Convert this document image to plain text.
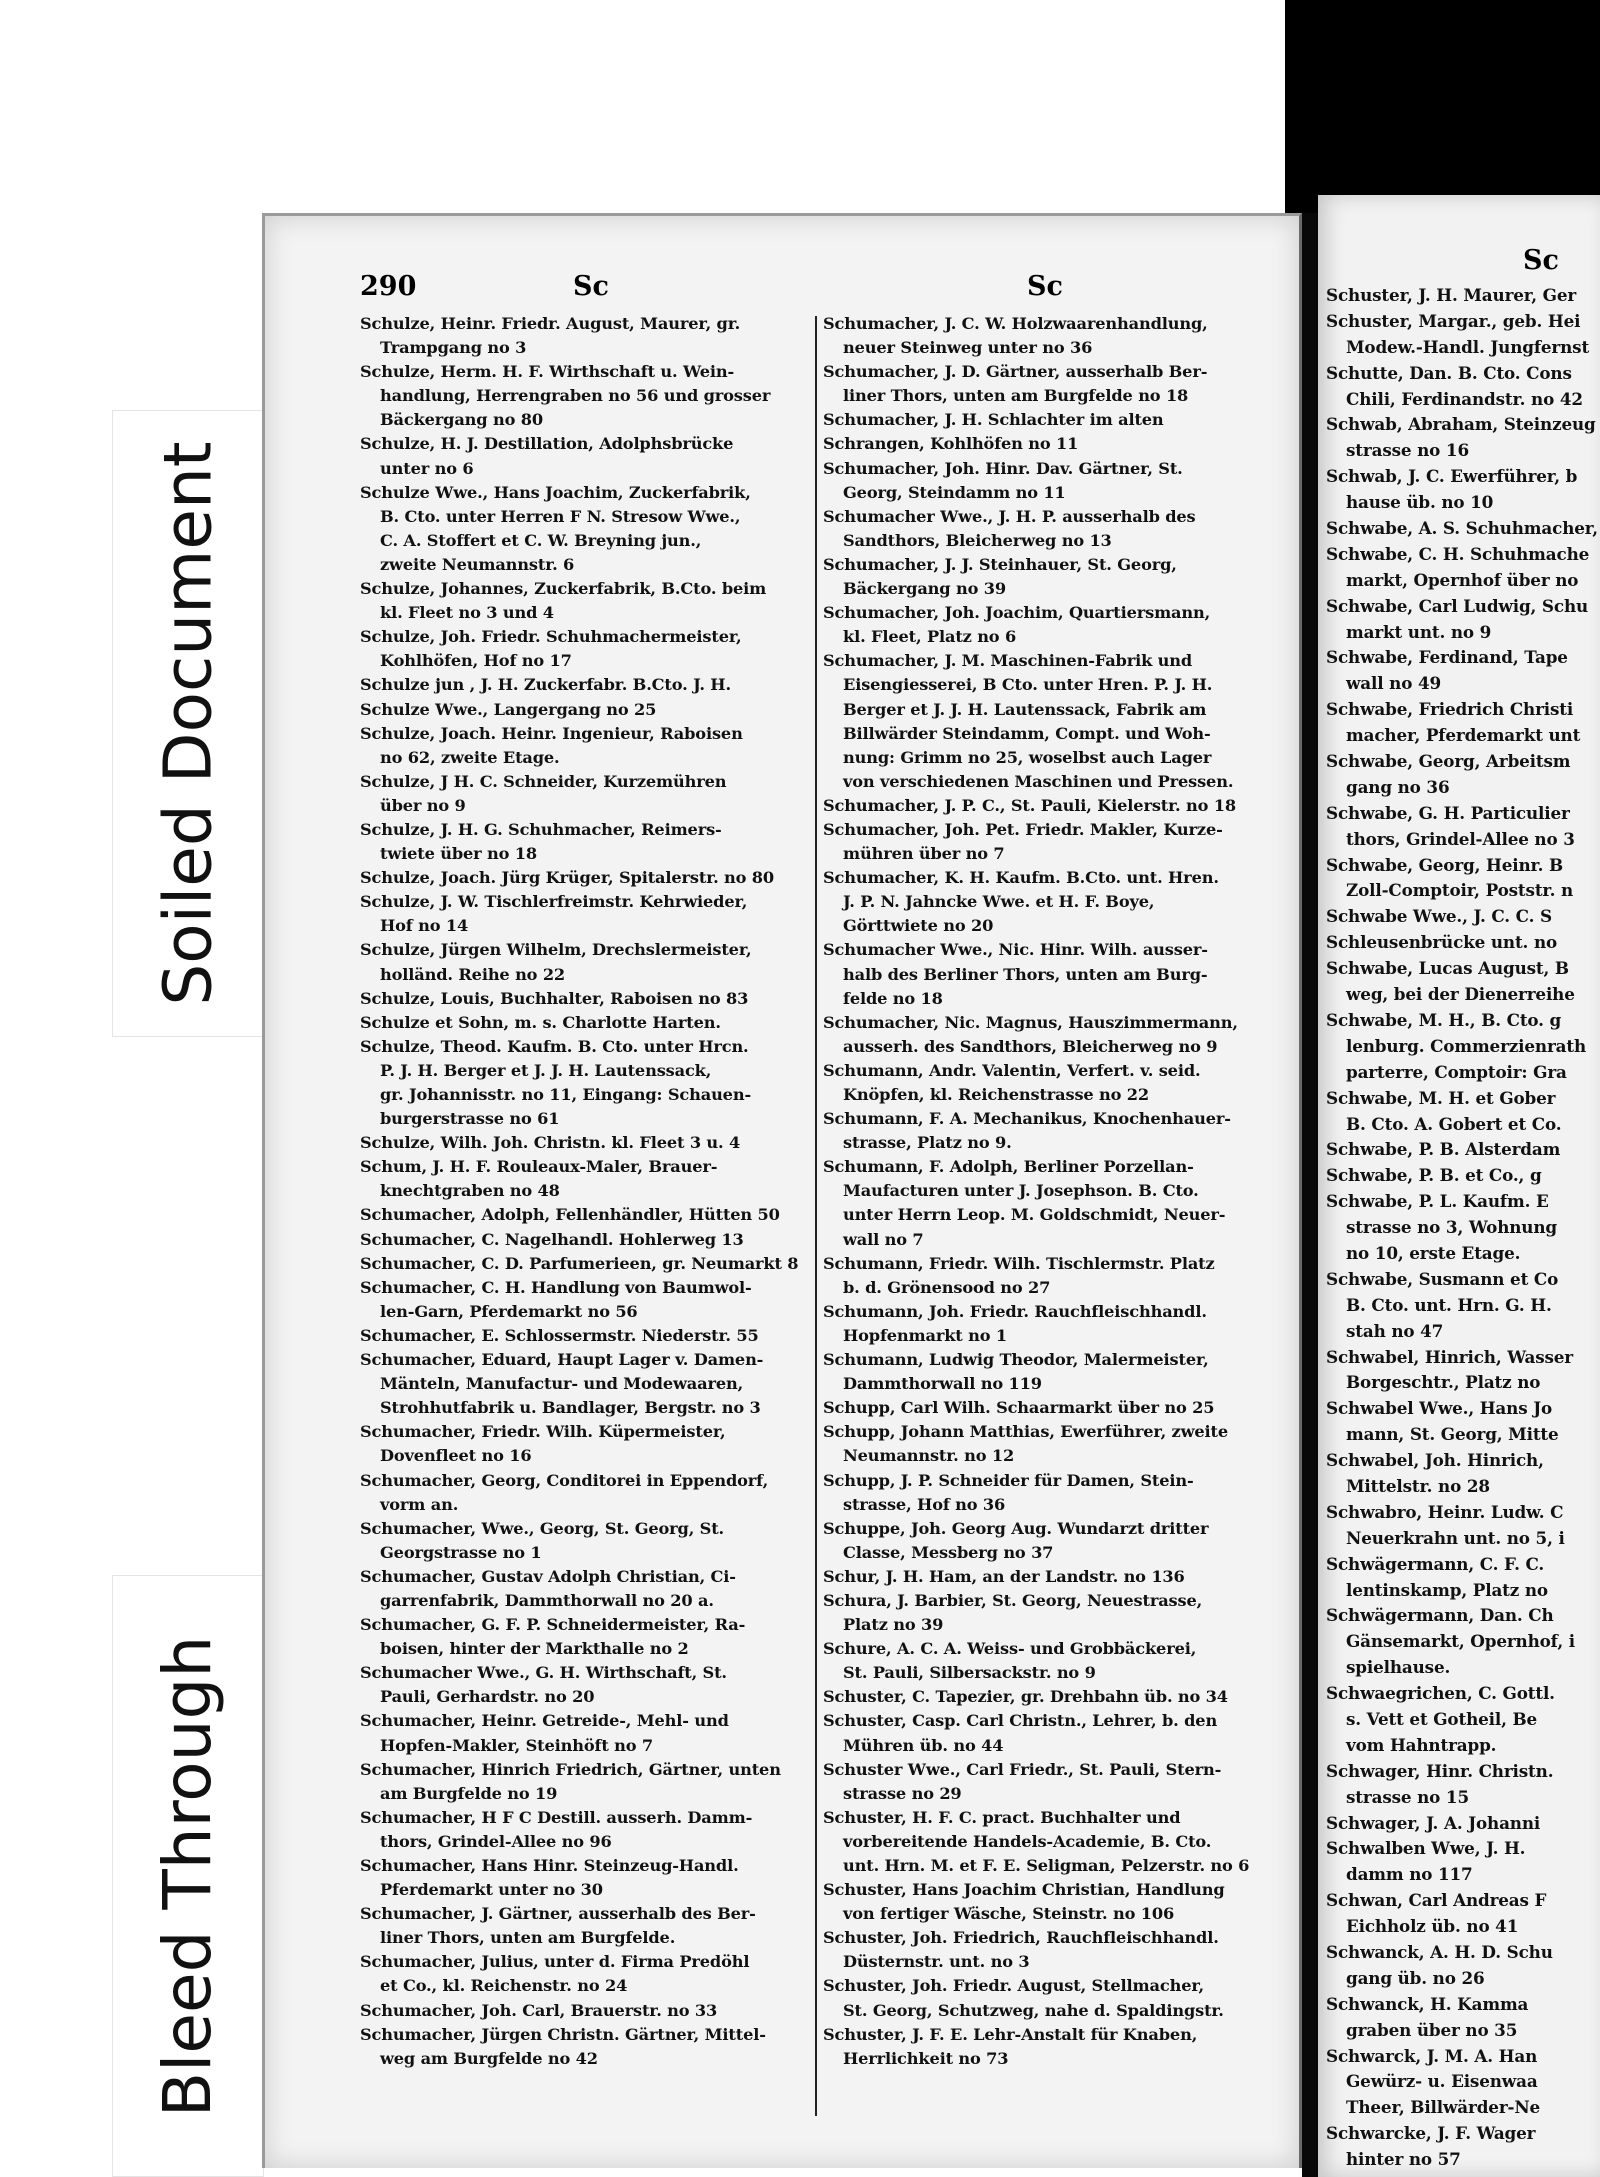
Soiled Document
Bleed Through
290	Sc	Sc
Schulze, Heinr. Friedr. August, Maurer, gr.
Trampgang no 3
Schulze, Herm. H. F. Wirthschaft u. Wein-
handlung, Herrengraben no 56 und grosser
Bäckergang no 80
Schulze, H. J. Destillation, Adolphsbrücke
unter no 6
Schulze Wwe., Hans Joachim, Zuckerfabrik,
B. Cto. unter Herren F N. Stresow Wwe.,
C. A. Stoffert et C. W. Breyning jun.,
zweite Neumannstr. 6
Schulze, Johannes, Zuckerfabrik, B.Cto. beim
kl. Fleet no 3 und 4
Schulze, Joh. Friedr. Schuhmachermeister,
Kohlhöfen, Hof no 17
Schulze jun , J. H. Zuckerfabr. B.Cto. J. H.
Schulze Wwe., Langergang no 25
Schulze, Joach. Heinr. Ingenieur, Raboisen
no 62, zweite Etage.
Schulze, J H. C. Schneider, Kurzemühren
über no 9
Schulze, J. H. G. Schuhmacher, Reimers-
twiete über no 18
Schulze, Joach. Jürg Krüger, Spitalerstr. no 80
Schulze, J. W. Tischlerfreimstr. Kehrwieder,
Hof no 14
Schulze, Jürgen Wilhelm, Drechslermeister,
holländ. Reihe no 22
Schulze, Louis, Buchhalter, Raboisen no 83
Schulze et Sohn, m. s. Charlotte Harten.
Schulze, Theod. Kaufm. B. Cto. unter Hrcn.
P. J. H. Berger et J. J. H. Lautenssack,
gr. Johannisstr. no 11, Eingang: Schauen-
burgerstrasse no 61
Schulze, Wilh. Joh. Christn. kl. Fleet 3 u. 4
Schum, J. H. F. Rouleaux-Maler, Brauer-
knechtgraben no 48
Schumacher, Adolph, Fellenhändler, Hütten 50
Schumacher, C. Nagelhandl. Hohlerweg 13
Schumacher, C. D. Parfumerieen, gr. Neumarkt 8
Schumacher, C. H. Handlung von Baumwol-
len-Garn, Pferdemarkt no 56
Schumacher, E. Schlossermstr. Niederstr. 55
Schumacher, Eduard, Haupt Lager v. Damen-
Mänteln, Manufactur- und Modewaaren,
Strohhutfabrik u. Bandlager, Bergstr. no 3
Schumacher, Friedr. Wilh. Küpermeister,
Dovenfleet no 16
Schumacher, Georg, Conditorei in Eppendorf,
vorm an.
Schumacher, Wwe., Georg, St. Georg, St.
Georgstrasse no 1
Schumacher, Gustav Adolph Christian, Ci-
garrenfabrik, Dammthorwall no 20 a.
Schumacher, G. F. P. Schneidermeister, Ra-
boisen, hinter der Markthalle no 2
Schumacher Wwe., G. H. Wirthschaft, St.
Pauli, Gerhardstr. no 20
Schumacher, Heinr. Getreide-, Mehl- und
Hopfen-Makler, Steinhöft no 7
Schumacher, Hinrich Friedrich, Gärtner, unten
am Burgfelde no 19
Schumacher, H F C Destill. ausserh. Damm-
thors, Grindel-Allee no 96
Schumacher, Hans Hinr. Steinzeug-Handl.
Pferdemarkt unter no 30
Schumacher, J. Gärtner, ausserhalb des Ber-
liner Thors, unten am Burgfelde.
Schumacher, Julius, unter d. Firma Predöhl
et Co., kl. Reichenstr. no 24
Schumacher, Joh. Carl, Brauerstr. no 33
Schumacher, Jürgen Christn. Gärtner, Mittel-
weg am Burgfelde no 42
Schumacher, J. C. W. Holzwaarenhandlung,
neuer Steinweg unter no 36
Schumacher, J. D. Gärtner, ausserhalb Ber-
liner Thors, unten am Burgfelde no 18
Schumacher, J. H. Schlachter im alten
Schrangen, Kohlhöfen no 11
Schumacher, Joh. Hinr. Dav. Gärtner, St.
Georg, Steindamm no 11
Schumacher Wwe., J. H. P. ausserhalb des
Sandthors, Bleicherweg no 13
Schumacher, J. J. Steinhauer, St. Georg,
Bäckergang no 39
Schumacher, Joh. Joachim, Quartiersmann,
kl. Fleet, Platz no 6
Schumacher, J. M. Maschinen-Fabrik und
Eisengiesserei, B Cto. unter Hren. P. J. H.
Berger et J. J. H. Lautenssack, Fabrik am
Billwärder Steindamm, Compt. und Woh-
nung: Grimm no 25, woselbst auch Lager
von verschiedenen Maschinen und Pressen.
Schumacher, J. P. C., St. Pauli, Kielerstr. no 18
Schumacher, Joh. Pet. Friedr. Makler, Kurze-
mühren über no 7
Schumacher, K. H. Kaufm. B.Cto. unt. Hren.
J. P. N. Jahncke Wwe. et H. F. Boye,
Görttwiete no 20
Schumacher Wwe., Nic. Hinr. Wilh. ausser-
halb des Berliner Thors, unten am Burg-
felde no 18
Schumacher, Nic. Magnus, Hauszimmermann,
ausserh. des Sandthors, Bleicherweg no 9
Schumann, Andr. Valentin, Verfert. v. seid.
Knöpfen, kl. Reichenstrasse no 22
Schumann, F. A. Mechanikus, Knochenhauer-
strasse, Platz no 9.
Schumann, F. Adolph, Berliner Porzellan-
Maufacturen unter J. Josephson. B. Cto.
unter Herrn Leop. M. Goldschmidt, Neuer-
wall no 7
Schumann, Friedr. Wilh. Tischlermstr. Platz
b. d. Grönensood no 27
Schumann, Joh. Friedr. Rauchfleischhandl.
Hopfenmarkt no 1
Schumann, Ludwig Theodor, Malermeister,
Dammthorwall no 119
Schupp, Carl Wilh. Schaarmarkt über no 25
Schupp, Johann Matthias, Ewerführer, zweite
Neumannstr. no 12
Schupp, J. P. Schneider für Damen, Stein-
strasse, Hof no 36
Schuppe, Joh. Georg Aug. Wundarzt dritter
Classe, Messberg no 37
Schur, J. H. Ham, an der Landstr. no 136
Schura, J. Barbier, St. Georg, Neuestrasse,
Platz no 39
Schure, A. C. A. Weiss- und Grobbäckerei,
St. Pauli, Silbersackstr. no 9
Schuster, C. Tapezier, gr. Drehbahn üb. no 34
Schuster, Casp. Carl Christn., Lehrer, b. den
Mühren üb. no 44
Schuster Wwe., Carl Friedr., St. Pauli, Stern-
strasse no 29
Schuster, H. F. C. pract. Buchhalter und
vorbereitende Handels-Academie, B. Cto.
unt. Hrn. M. et F. E. Seligman, Pelzerstr. no 6
Schuster, Hans Joachim Christian, Handlung
von fertiger Wäsche, Steinstr. no 106
Schuster, Joh. Friedrich, Rauchfleischhandl.
Düsternstr. unt. no 3
Schuster, Joh. Friedr. August, Stellmacher,
St. Georg, Schutzweg, nahe d. Spaldingstr.
Schuster, J. F. E. Lehr-Anstalt für Knaben,
Herrlichkeit no 73
Sc
Schuster, J. H. Maurer, Ger
Schuster, Margar., geb. Hei
Modew.-Handl. Jungfernst
Schutte, Dan. B. Cto. Cons
Chili, Ferdinandstr. no 42
Schwab, Abraham, Steinzeug
strasse no 16
Schwab, J. C. Ewerführer, b
hause üb. no 10
Schwabe, A. S. Schuhmacher,
Schwabe, C. H. Schuhmache
markt, Opernhof über no
Schwabe, Carl Ludwig, Schu
markt unt. no 9
Schwabe, Ferdinand, Tape
wall no 49
Schwabe, Friedrich Christi
macher, Pferdemarkt unt
Schwabe, Georg, Arbeitsm
gang no 36
Schwabe, G. H. Particulier
thors, Grindel-Allee no 3
Schwabe, Georg, Heinr. B
Zoll-Comptoir, Poststr. n
Schwabe Wwe., J. C. C. S
Schleusenbrücke unt. no
Schwabe, Lucas August, B
weg, bei der Dienerreihe
Schwabe, M. H., B. Cto. g
lenburg. Commerzienrath
parterre, Comptoir: Gra
Schwabe, M. H. et Gober
B. Cto. A. Gobert et Co.
Schwabe, P. B. Alsterdam
Schwabe, P. B. et Co., g
Schwabe, P. L. Kaufm. E
strasse no 3, Wohnung
no 10, erste Etage.
Schwabe, Susmann et Co
B. Cto. unt. Hrn. G. H.
stah no 47
Schwabel, Hinrich, Wasser
Borgeschtr., Platz no
Schwabel Wwe., Hans Jo
mann, St. Georg, Mitte
Schwabel, Joh. Hinrich,
Mittelstr. no 28
Schwabro, Heinr. Ludw. C
Neuerkrahn unt. no 5, i
Schwägermann, C. F. C.
lentinskamp, Platz no
Schwägermann, Dan. Ch
Gänsemarkt, Opernhof, i
spielhause.
Schwaegrichen, C. Gottl.
s. Vett et Gotheil, Be
vom Hahntrapp.
Schwager, Hinr. Christn.
strasse no 15
Schwager, J. A. Johanni
Schwalben Wwe, J. H.
damm no 117
Schwan, Carl Andreas F
Eichholz üb. no 41
Schwanck, A. H. D. Schu
gang üb. no 26
Schwanck, H. Kamma
graben über no 35
Schwarck, J. M. A. Han
Gewürz- u. Eisenwaa
Theer, Billwärder-Ne
Schwarcke, J. F. Wager
hinter no 57
